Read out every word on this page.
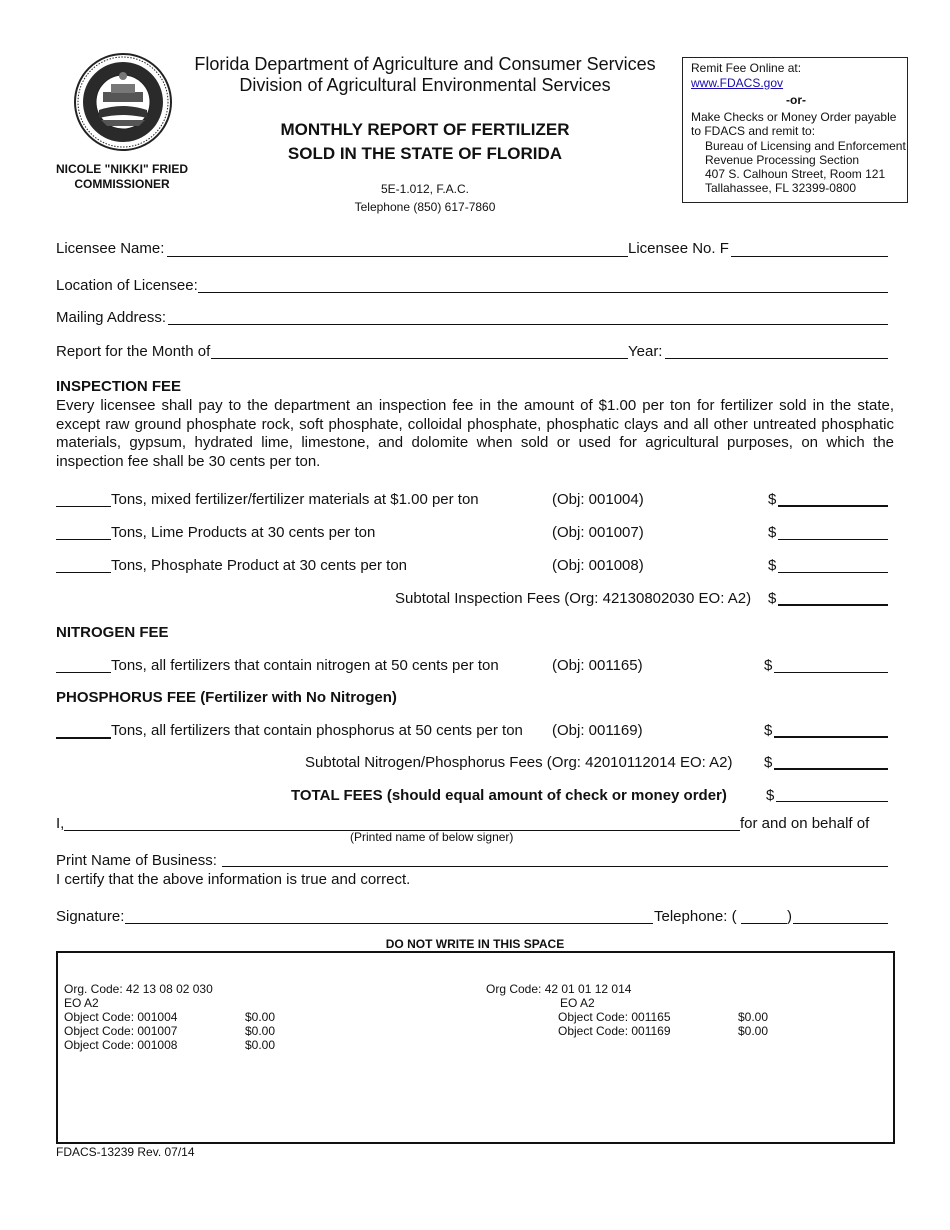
NICOLE "NIKKI" FRIED
COMMISSIONER
Florida Department of Agriculture and Consumer Services
Division of Agricultural Environmental Services
MONTHLY REPORT OF FERTILIZER
SOLD IN THE STATE OF FLORIDA
5E-1.012, F.A.C.
Telephone (850) 617-7860
Remit Fee Online at:
www.FDACS.gov
-or-
Make Checks or Money Order payable
to FDACS and remit to:
Bureau of Licensing and Enforcement
Revenue Processing Section
407 S. Calhoun Street, Room 121
Tallahassee, FL 32399-0800
Licensee Name:	Licensee No. F
Location of Licensee:
Mailing Address:
Report for the Month of	Year:
INSPECTION FEE
Every licensee shall pay to the department an inspection fee in the amount of $1.00 per ton for fertilizer sold in the state, except raw ground phosphate rock, soft phosphate, colloidal phosphate, phosphatic clays and all other untreated phosphatic materials, gypsum, hydrated lime, limestone, and dolomite when sold or used for agricultural purposes, on which the inspection fee shall be 30 cents per ton.
Tons, mixed fertilizer/fertilizer materials at $1.00 per ton	(Obj: 001004)	$
Tons, Lime Products at 30 cents per ton	(Obj: 001007)	$
Tons, Phosphate Product at 30 cents per ton	(Obj: 001008)	$
Subtotal Inspection Fees (Org: 42130802030 EO: A2) $
NITROGEN FEE
Tons, all fertilizers that contain nitrogen at 50 cents per ton	(Obj: 001165)	$
PHOSPHORUS FEE (Fertilizer with No Nitrogen)
Tons, all fertilizers that contain phosphorus at 50 cents per ton (Obj: 001169)	$
Subtotal Nitrogen/Phosphorus Fees (Org: 42010112014 EO: A2) $
TOTAL FEES (should equal amount of check or money order)	$
I,	for and on behalf of
(Printed name of below signer)
Print Name of Business:
I certify that the above information is true and correct.
Signature:	Telephone: (	)
DO NOT WRITE IN THIS SPACE
Org. Code: 42 13 08 02 030
EO A2
Object Code: 001004	$0.00
Object Code: 001007	$0.00
Object Code: 001008	$0.00
Org Code: 42 01 01 12 014
EO A2
Object Code: 001165	$0.00
Object Code: 001169	$0.00
FDACS-13239 Rev. 07/14
